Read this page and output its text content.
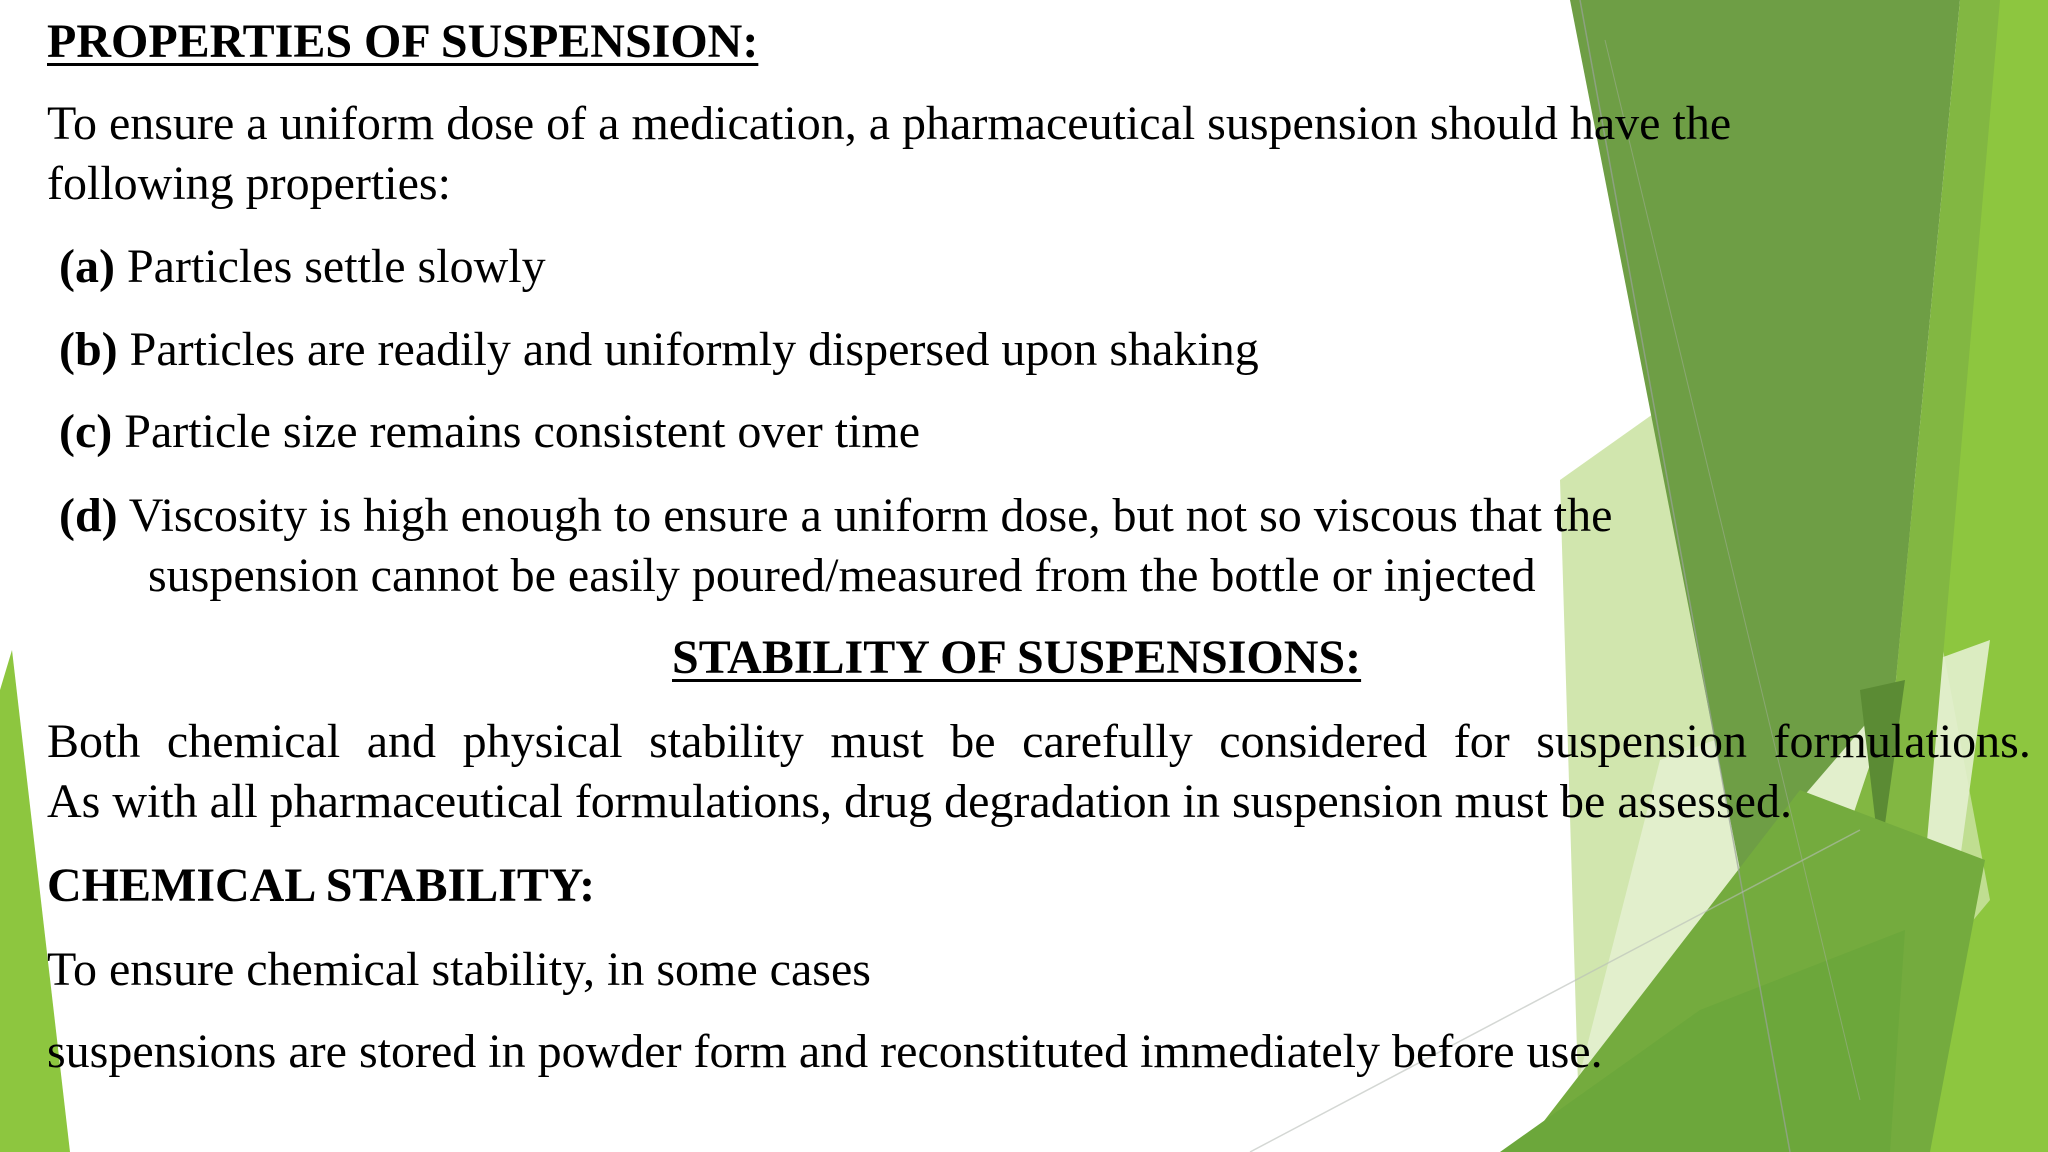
PROPERTIES OF SUSPENSION:
To ensure a uniform dose of a medication, a pharmaceutical suspension should have the
following properties:
(a) Particles settle slowly
(b) Particles are readily and uniformly dispersed upon shaking
(c) Particle size remains consistent over time
(d) Viscosity is high enough to ensure a uniform dose, but not so viscous that the
suspension cannot be easily poured/measured from the bottle or injected
STABILITY OF SUSPENSIONS:
Both chemical and physical stability must be carefully considered for suspension formulations.
As with all pharmaceutical formulations, drug degradation in suspension must be assessed.
CHEMICAL STABILITY:
To ensure chemical stability, in some cases
suspensions are stored in powder form and reconstituted immediately before use.
